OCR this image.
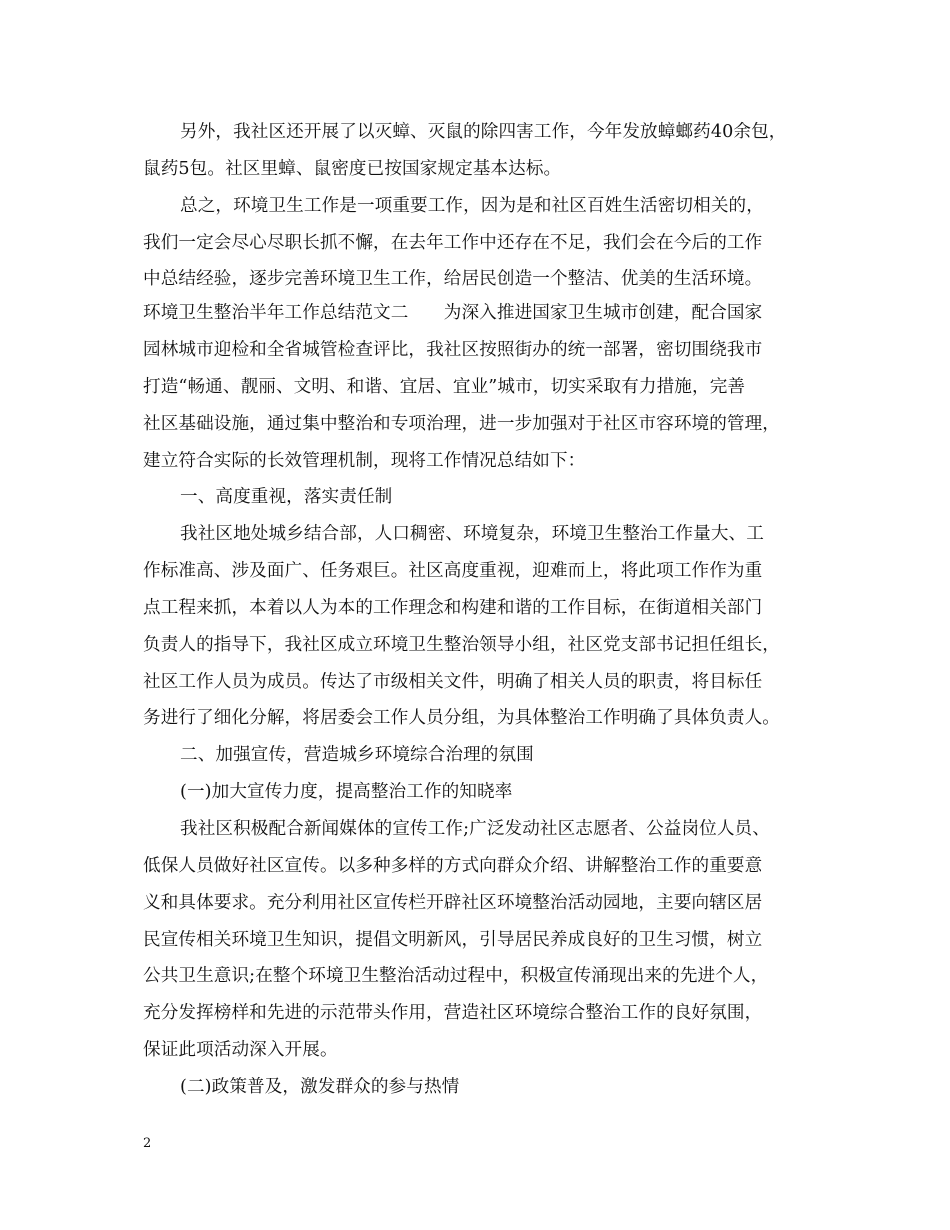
另外，我社区还开展了以灭蟑、灭鼠的除四害工作，今年发放蟑螂药40余包，
鼠药5包。社区里蟑、鼠密度已按国家规定基本达标。
总之，环境卫生工作是一项重要工作，因为是和社区百姓生活密切相关的，
我们一定会尽心尽职长抓不懈，在去年工作中还存在不足，我们会在今后的工作
中总结经验，逐步完善环境卫生工作，给居民创造一个整洁、优美的生活环境。
环境卫生整治半年工作总结范文二　　为深入推进国家卫生城市创建，配合国家
园林城市迎检和全省城管检查评比，我社区按照街办的统一部署，密切围绕我市
打造“畅通、靓丽、文明、和谐、宜居、宜业”城市，切实采取有力措施，完善
社区基础设施，通过集中整治和专项治理，进一步加强对于社区市容环境的管理，
建立符合实际的长效管理机制，现将工作情况总结如下：
一、高度重视，落实责任制
我社区地处城乡结合部，人口稠密、环境复杂，环境卫生整治工作量大、工
作标准高、涉及面广、任务艰巨。社区高度重视，迎难而上，将此项工作作为重
点工程来抓，本着以人为本的工作理念和构建和谐的工作目标，在街道相关部门
负责人的指导下，我社区成立环境卫生整治领导小组，社区党支部书记担任组长，
社区工作人员为成员。传达了市级相关文件，明确了相关人员的职责，将目标任
务进行了细化分解，将居委会工作人员分组，为具体整治工作明确了具体负责人。
二、加强宣传，营造城乡环境综合治理的氛围
(一)加大宣传力度，提高整治工作的知晓率
我社区积极配合新闻媒体的宣传工作;广泛发动社区志愿者、公益岗位人员、
低保人员做好社区宣传。以多种多样的方式向群众介绍、讲解整治工作的重要意
义和具体要求。充分利用社区宣传栏开辟社区环境整治活动园地，主要向辖区居
民宣传相关环境卫生知识，提倡文明新风，引导居民养成良好的卫生习惯，树立
公共卫生意识;在整个环境卫生整治活动过程中，积极宣传涌现出来的先进个人，
充分发挥榜样和先进的示范带头作用，营造社区环境综合整治工作的良好氛围，
保证此项活动深入开展。
(二)政策普及，激发群众的参与热情
2
